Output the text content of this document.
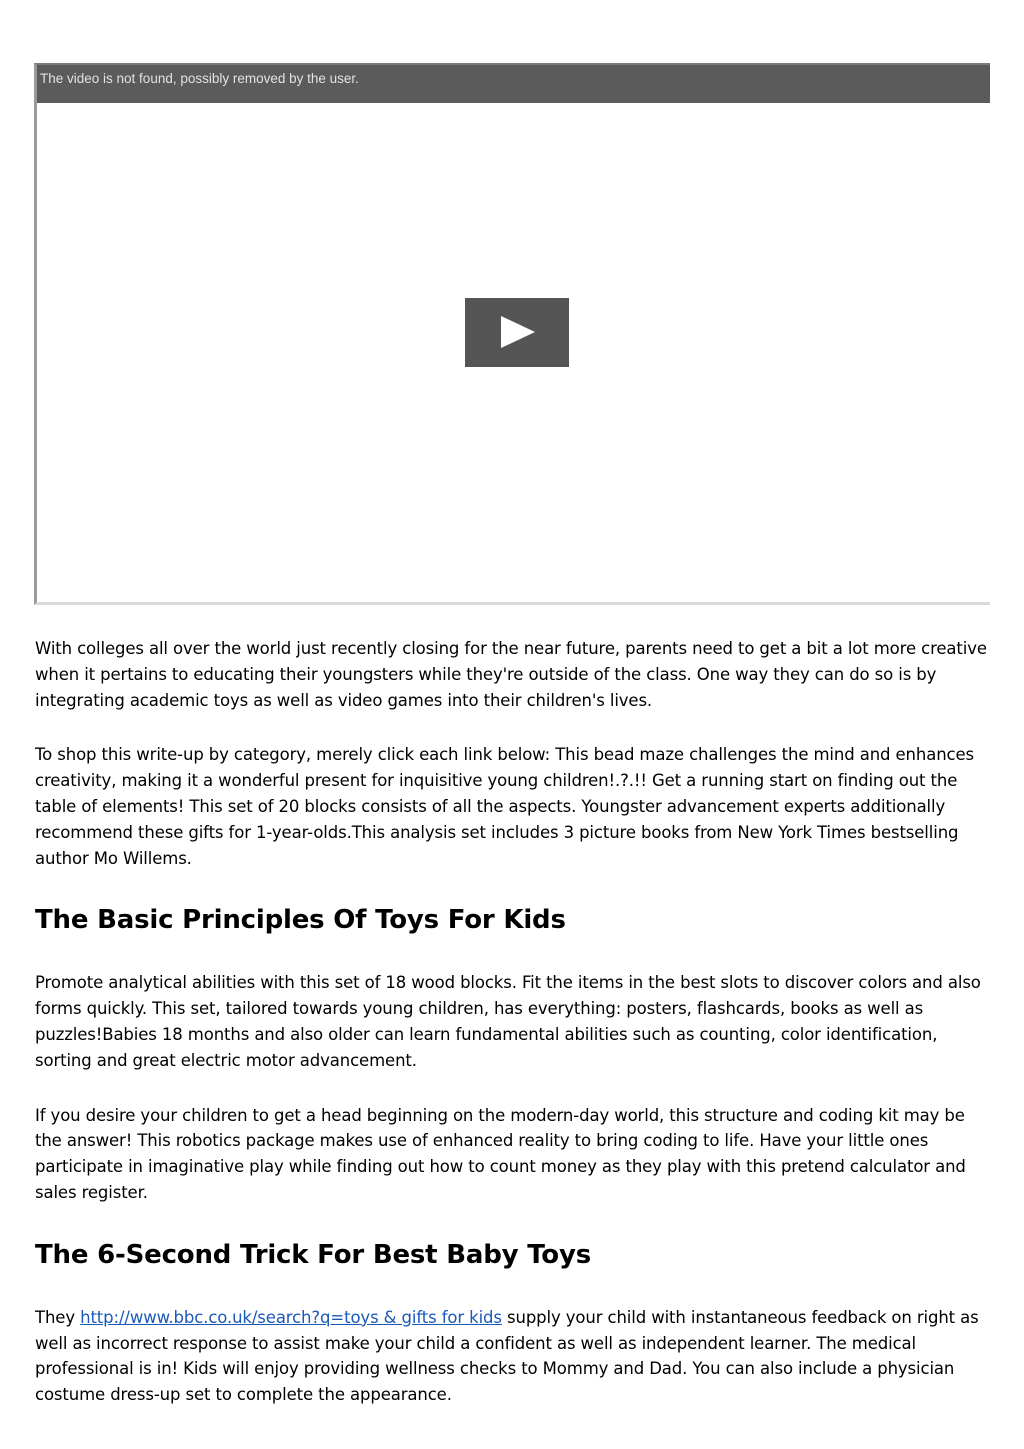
The video is not found, possibly removed by the user.

With colleges all over the world just recently closing for the near future, parents need to get a bit a lot more creative when it pertains to educating their youngsters while they're outside of the class. One way they can do so is by integrating academic toys as well as video games into their children's lives.

To shop this write-up by category, merely click each link below: This bead maze challenges the mind and enhances creativity, making it a wonderful present for inquisitive young children!.?.!! Get a running start on finding out the table of elements! This set of 20 blocks consists of all the aspects. Youngster advancement experts additionally recommend these gifts for 1-year-olds.This analysis set includes 3 picture books from New York Times bestselling author Mo Willems.

The Basic Principles Of Toys For Kids

Promote analytical abilities with this set of 18 wood blocks. Fit the items in the best slots to discover colors and also forms quickly. This set, tailored towards young children, has everything: posters, flashcards, books as well as puzzles!Babies 18 months and also older can learn fundamental abilities such as counting, color identification, sorting and great electric motor advancement.

If you desire your children to get a head beginning on the modern-day world, this structure and coding kit may be the answer! This robotics package makes use of enhanced reality to bring coding to life. Have your little ones participate in imaginative play while finding out how to count money as they play with this pretend calculator and sales register.

The 6-Second Trick For Best Baby Toys

They http://www.bbc.co.uk/search?q=toys & gifts for kids supply your child with instantaneous feedback on right as well as incorrect response to assist make your child a confident as well as independent learner. The medical professional is in! Kids will enjoy providing wellness checks to Mommy and Dad. You can also include a physician costume dress-up set to complete the appearance.
